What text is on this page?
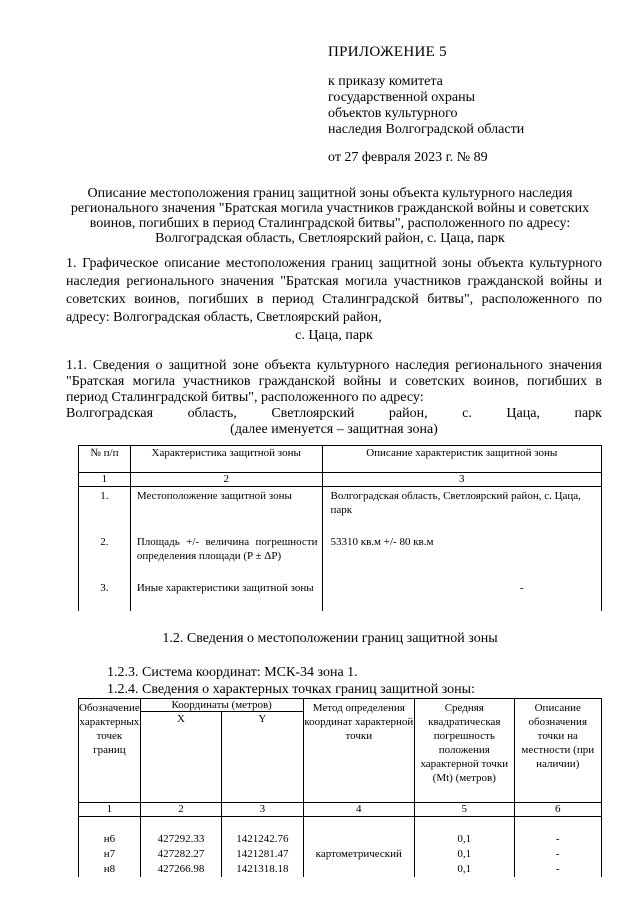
ПРИЛОЖЕНИЕ 5
к приказу комитета
государственной охраны
объектов культурного
наследия Волгоградской области
от 27 февраля 2023 г. № 89
Описание местоположения границ защитной зоны объекта культурного наследия регионального значения "Братская могила участников гражданской войны и советских воинов, погибших в период Сталинградской битвы", расположенного по адресу: Волгоградская область, Светлоярский район, с. Цаца, парк
1. Графическое описание местоположения границ защитной зоны объекта культурного наследия регионального значения "Братская могила участников гражданской войны и советских воинов, погибших в период Сталинградской битвы", расположенного по адресу: Волгоградская область, Светлоярский район,
с. Цаца, парк
1.1. Сведения о защитной зоне объекта культурного наследия регионального значения "Братская могила участников гражданской войны и советских воинов, погибших в период Сталинградской битвы", расположенного по адресу:
Волгоградская область, Светлоярский район, с. Цаца, парк
(далее именуется – защитная зона)
№ п/п	Характеристика защитной зоны	Описание характеристик защитной зоны
1	2	3
1.	Местоположение защитной зоны	Волгоградская область, Светлоярский район, с. Цаца, парк
2.	Площадь +/- величина погрешности определения площади (P ± ΔP)	53310 кв.м +/- 80 кв.м
3.	Иные характеристики защитной зоны	-
1.2. Сведения о местоположении границ защитной зоны
1.2.3. Система координат: МСК-34 зона 1.
1.2.4. Сведения о характерных точках границ защитной зоны:
Обозначение характерных точек границ	Координаты (метров)		Метод определения координат характерной точки	Средняя квадратическая погрешность положения характерной точки (Mt) (метров)	Описание обозначения точки на местности (при наличии)
	X	Y			
1	2	3	4	5	6

н6	427292.33	1421242.76		0,1	-
н7	427282.27	1421281.47	картометрический	0,1	-
н8	427266.98	1421318.18		0,1	-
